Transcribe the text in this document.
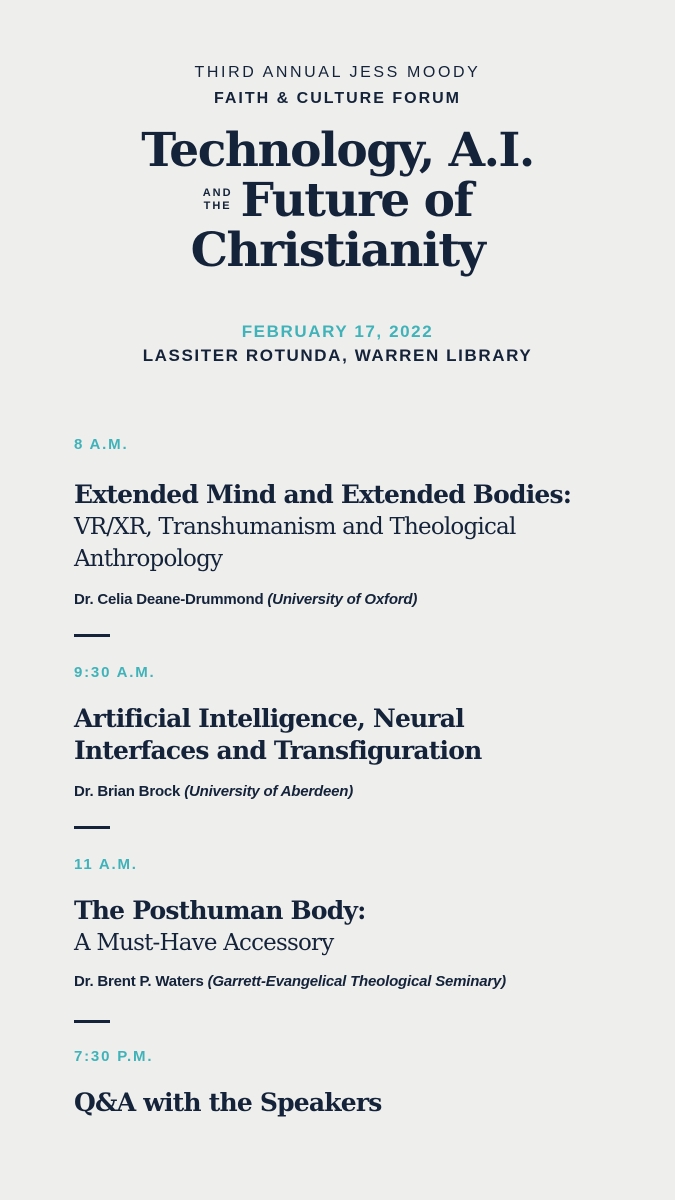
THIRD ANNUAL JESS MOODY
FAITH & CULTURE FORUM
Technology, A.I.
AND
THE Future of
Christianity
FEBRUARY 17, 2022
LASSITER ROTUNDA, WARREN LIBRARY
8 A.M.
Extended Mind and Extended Bodies:
VR/XR, Transhumanism and Theological
Anthropology
Dr. Celia Deane-Drummond (University of Oxford)
9:30 A.M.
Artificial Intelligence, Neural
Interfaces and Transfiguration
Dr. Brian Brock (University of Aberdeen)
11 A.M.
The Posthuman Body:
A Must-Have Accessory
Dr. Brent P. Waters (Garrett-Evangelical Theological Seminary)
7:30 P.M.
Q&A with the Speakers
